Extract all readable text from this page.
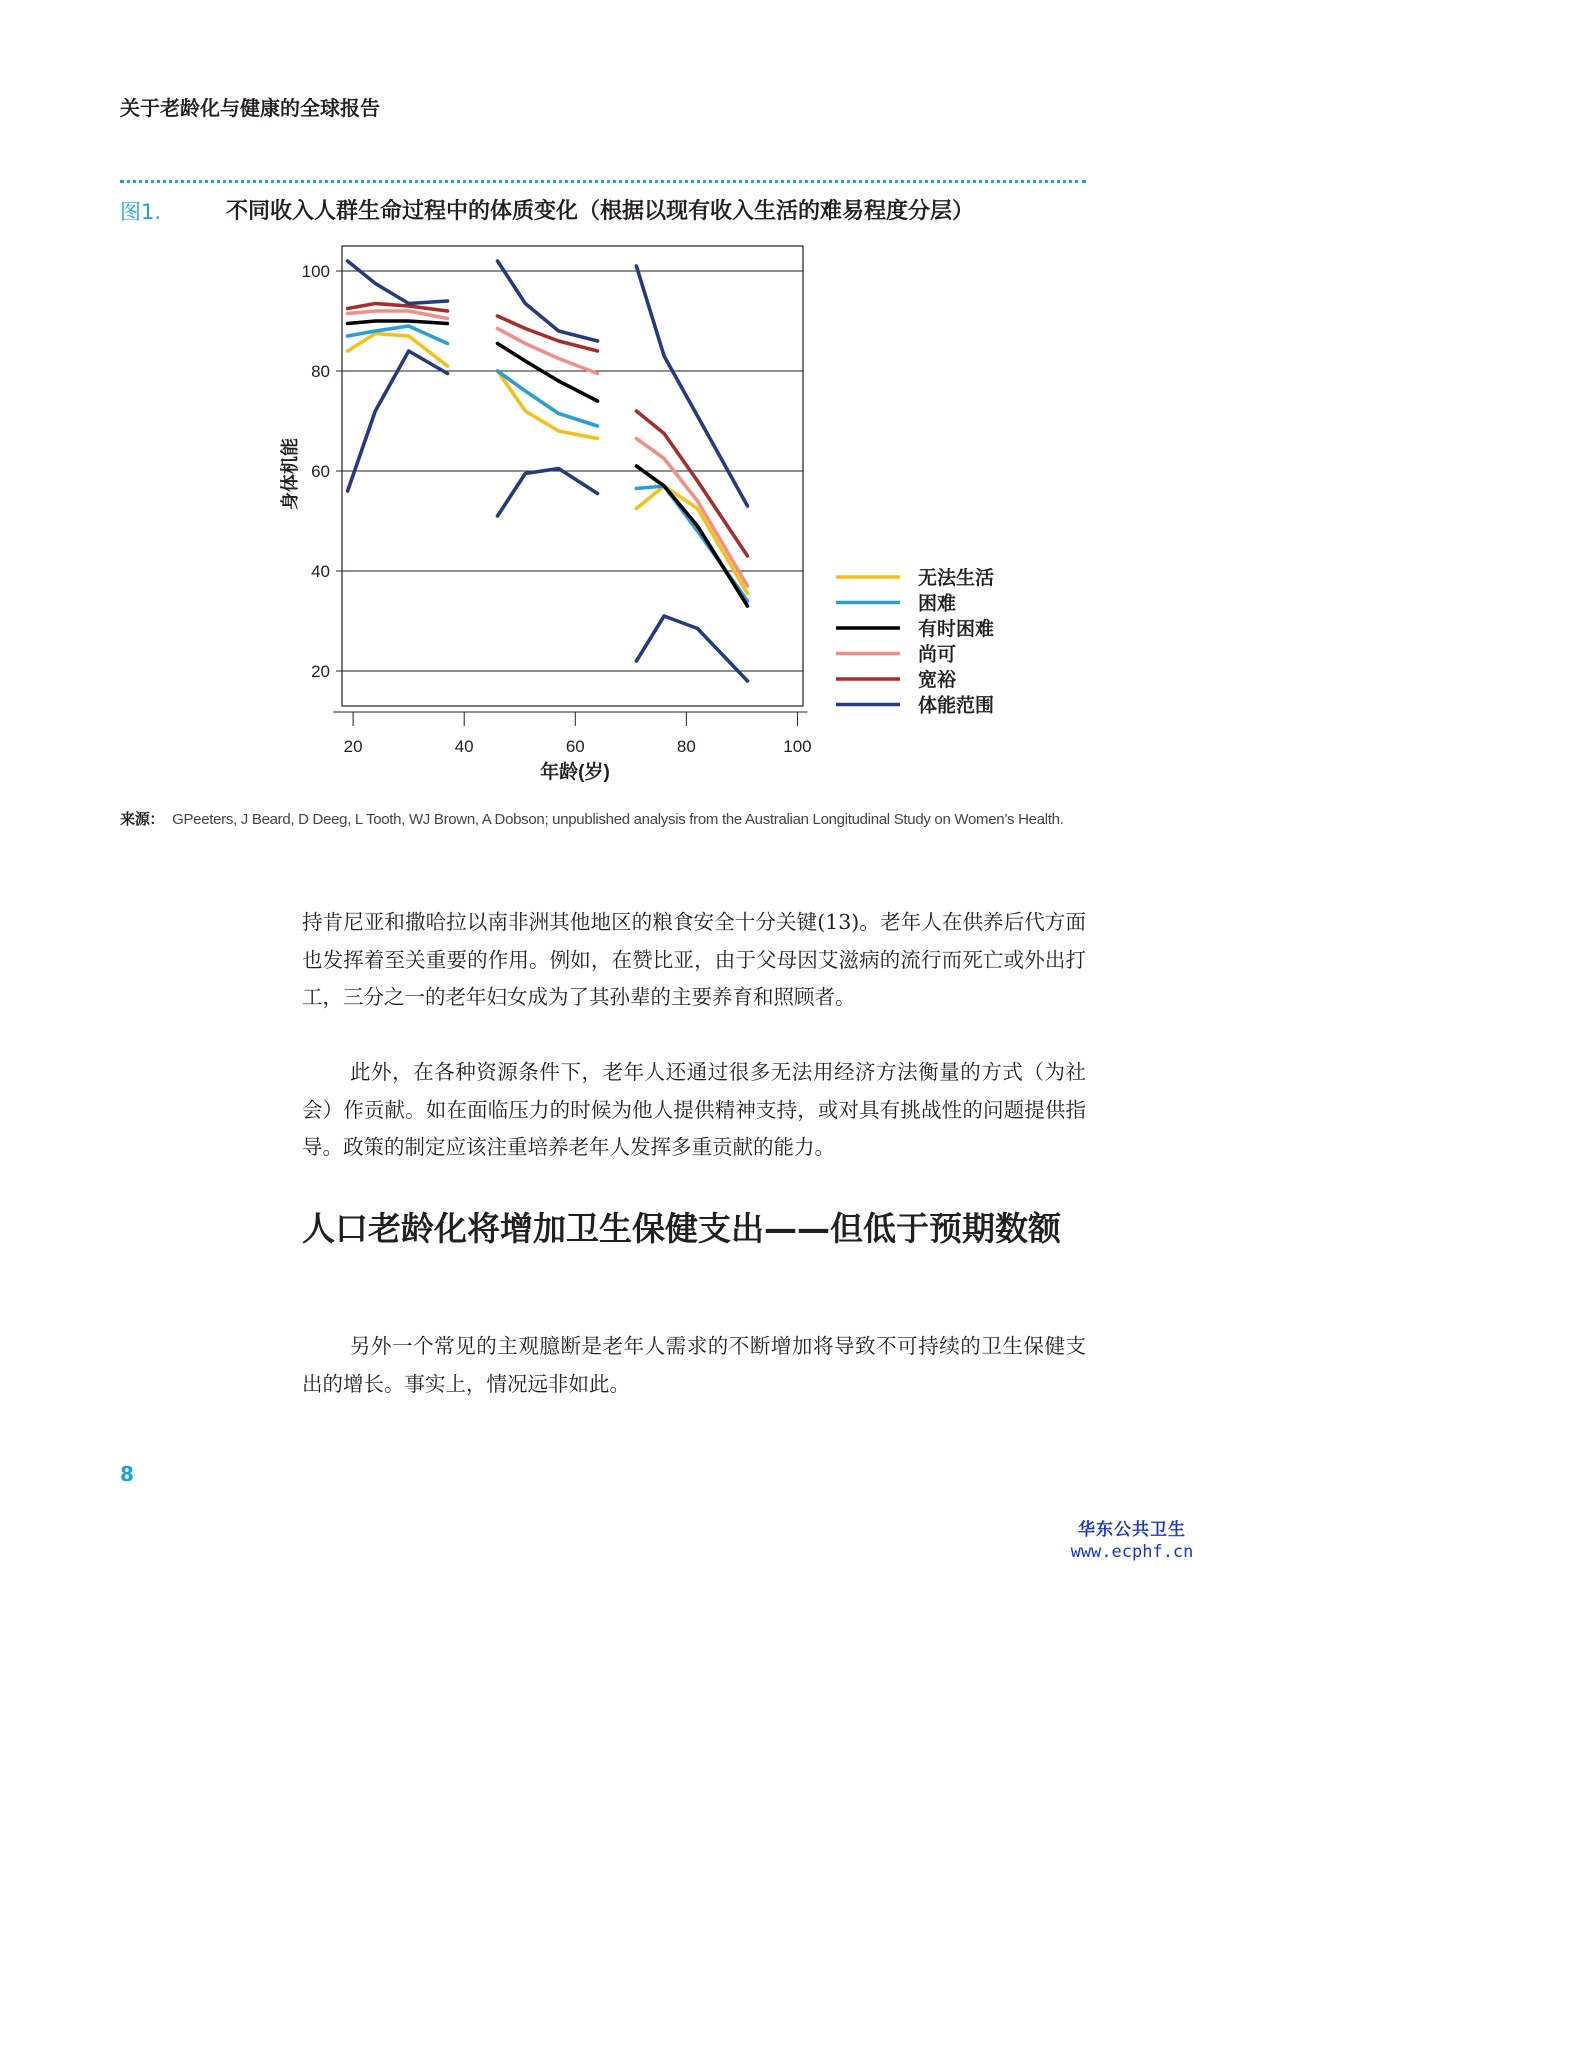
关于老龄化与健康的全球报告
图1.	不同收入人群生命过程中的体质变化（根据以现有收入生活的难易程度分层）
20
40
60
80
100
20	40	60	80	100
年龄(岁)
身体机能
无法生活
困难
有时困难
尚可
宽裕
体能范围
来源： GPeeters, J Beard, D Deeg, L Tooth, WJ Brown, A Dobson; unpublished analysis from the Australian Longitudinal Study on Women’s Health.

持肯尼亚和撒哈拉以南非洲其他地区的粮食安全十分关键(13)。老年人在供养后代方面也发挥着至关重要的作用。例如，在赞比亚，由于父母因艾滋病的流行而死亡或外出打工，三分之一的老年妇女成为了其孙辈的主要养育和照顾者。

此外，在各种资源条件下，老年人还通过很多无法用经济方法衡量的方式（为社会）作贡献。如在面临压力的时候为他人提供精神支持，或对具有挑战性的问题提供指导。政策的制定应该注重培养老年人发挥多重贡献的能力。

人口老龄化将增加卫生保健支出——但低于预期数额

另外一个常见的主观臆断是老年人需求的不断增加将导致不可持续的卫生保健支出的增长。事实上，情况远非如此。

8
华东公共卫生
www.ecphf.cn
